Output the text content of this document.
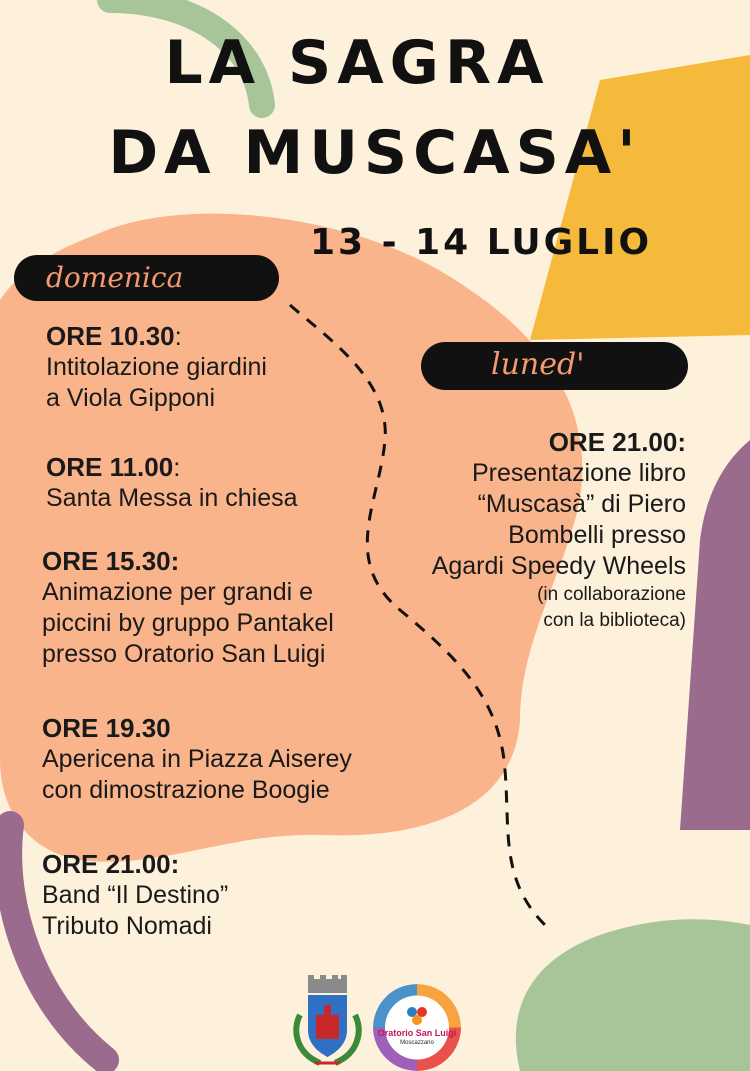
LA SAGRA
DA MUSCASA'
13 - 14 LUGLIO
domenica
luned'
ORE 10.30:
Intitolazione giardini
a Viola Gipponi
ORE 11.00:
Santa Messa in chiesa
ORE 15.30:
Animazione per grandi e
piccini by gruppo Pantakel
presso Oratorio San Luigi
ORE 19.30
Apericena in Piazza Aiserey
con dimostrazione Boogie
ORE 21.00:
Band “Il Destino”
Tributo Nomadi
ORE 21.00:
Presentazione libro
“Muscasà” di Piero
Bombelli presso
Agardi Speedy Wheels
(in collaborazione
con la biblioteca)
Oratorio San Luigi
Moscazzano
